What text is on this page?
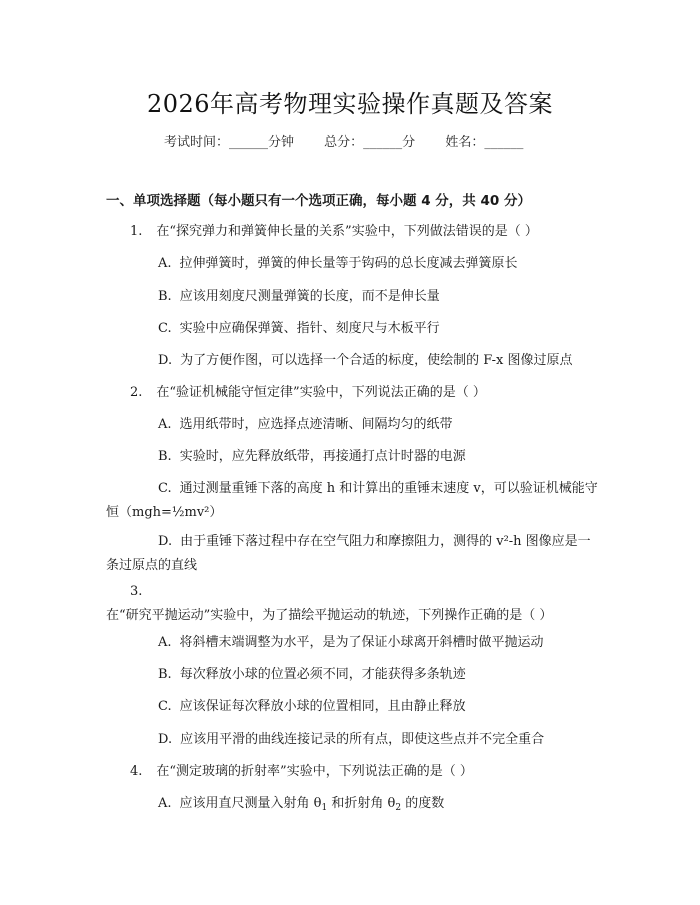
2026年高考物理实验操作真题及答案
考试时间：______分钟 总分：______分 姓名：______
一、单项选择题（每小题只有一个选项正确，每小题 4 分，共 40 分）
1. 在“探究弹力和弹簧伸长量的关系”实验中，下列做法错误的是（ ）
A. 拉伸弹簧时，弹簧的伸长量等于钩码的总长度减去弹簧原长
B. 应该用刻度尺测量弹簧的长度，而不是伸长量
C. 实验中应确保弹簧、指针、刻度尺与木板平行
D. 为了方便作图，可以选择一个合适的标度，使绘制的 F-x 图像过原点
2. 在“验证机械能守恒定律”实验中，下列说法正确的是（ ）
A. 选用纸带时，应选择点迹清晰、间隔均匀的纸带
B. 实验时，应先释放纸带，再接通打点计时器的电源
C. 通过测量重锤下落的高度 h 和计算出的重锤末速度 v，可以验证机械能守恒（mgh=½mv²）
D. 由于重锤下落过程中存在空气阻力和摩擦阻力，测得的 v²-h 图像应是一条过原点的直线
3.在“研究平抛运动”实验中，为了描绘平抛运动的轨迹，下列操作正确的是（ ）
A. 将斜槽末端调整为水平，是为了保证小球离开斜槽时做平抛运动
B. 每次释放小球的位置必须不同，才能获得多条轨迹
C. 应该保证每次释放小球的位置相同，且由静止释放
D. 应该用平滑的曲线连接记录的所有点，即使这些点并不完全重合
4. 在“测定玻璃的折射率”实验中，下列说法正确的是（ ）
A. 应该用直尺测量入射角 $\theta_1$ 和折射角 $\theta_2$ 的度数
